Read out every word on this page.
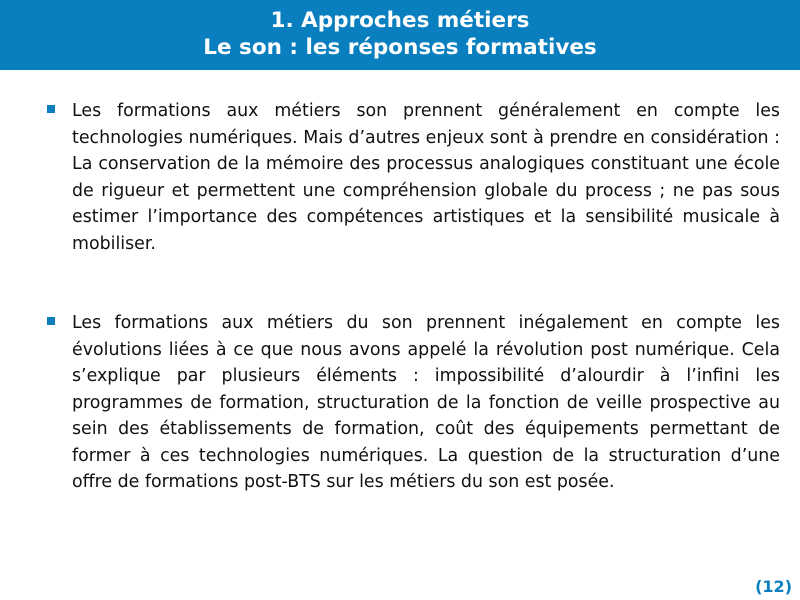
1. Approches métiers
Le son : les réponses formatives
Les formations aux métiers son prennent généralement en compte les technologies numériques. Mais d’autres enjeux sont à prendre en considération : La conservation de la mémoire des processus analogiques constituant une école de rigueur et permettent une compréhension globale du process ; ne pas sous estimer l’importance des compétences artistiques et la sensibilité musicale à mobiliser.
Les formations aux métiers du son prennent inégalement en compte les évolutions liées à ce que nous avons appelé la révolution post numérique. Cela s’explique par plusieurs éléments : impossibilité d’alourdir à l’infini les programmes de formation, structuration de la fonction de veille prospective au sein des établissements de formation, coût des équipements permettant de former à ces technologies numériques. La question de la structuration d’une offre de formations post-BTS sur les métiers du son est posée.
(12)
